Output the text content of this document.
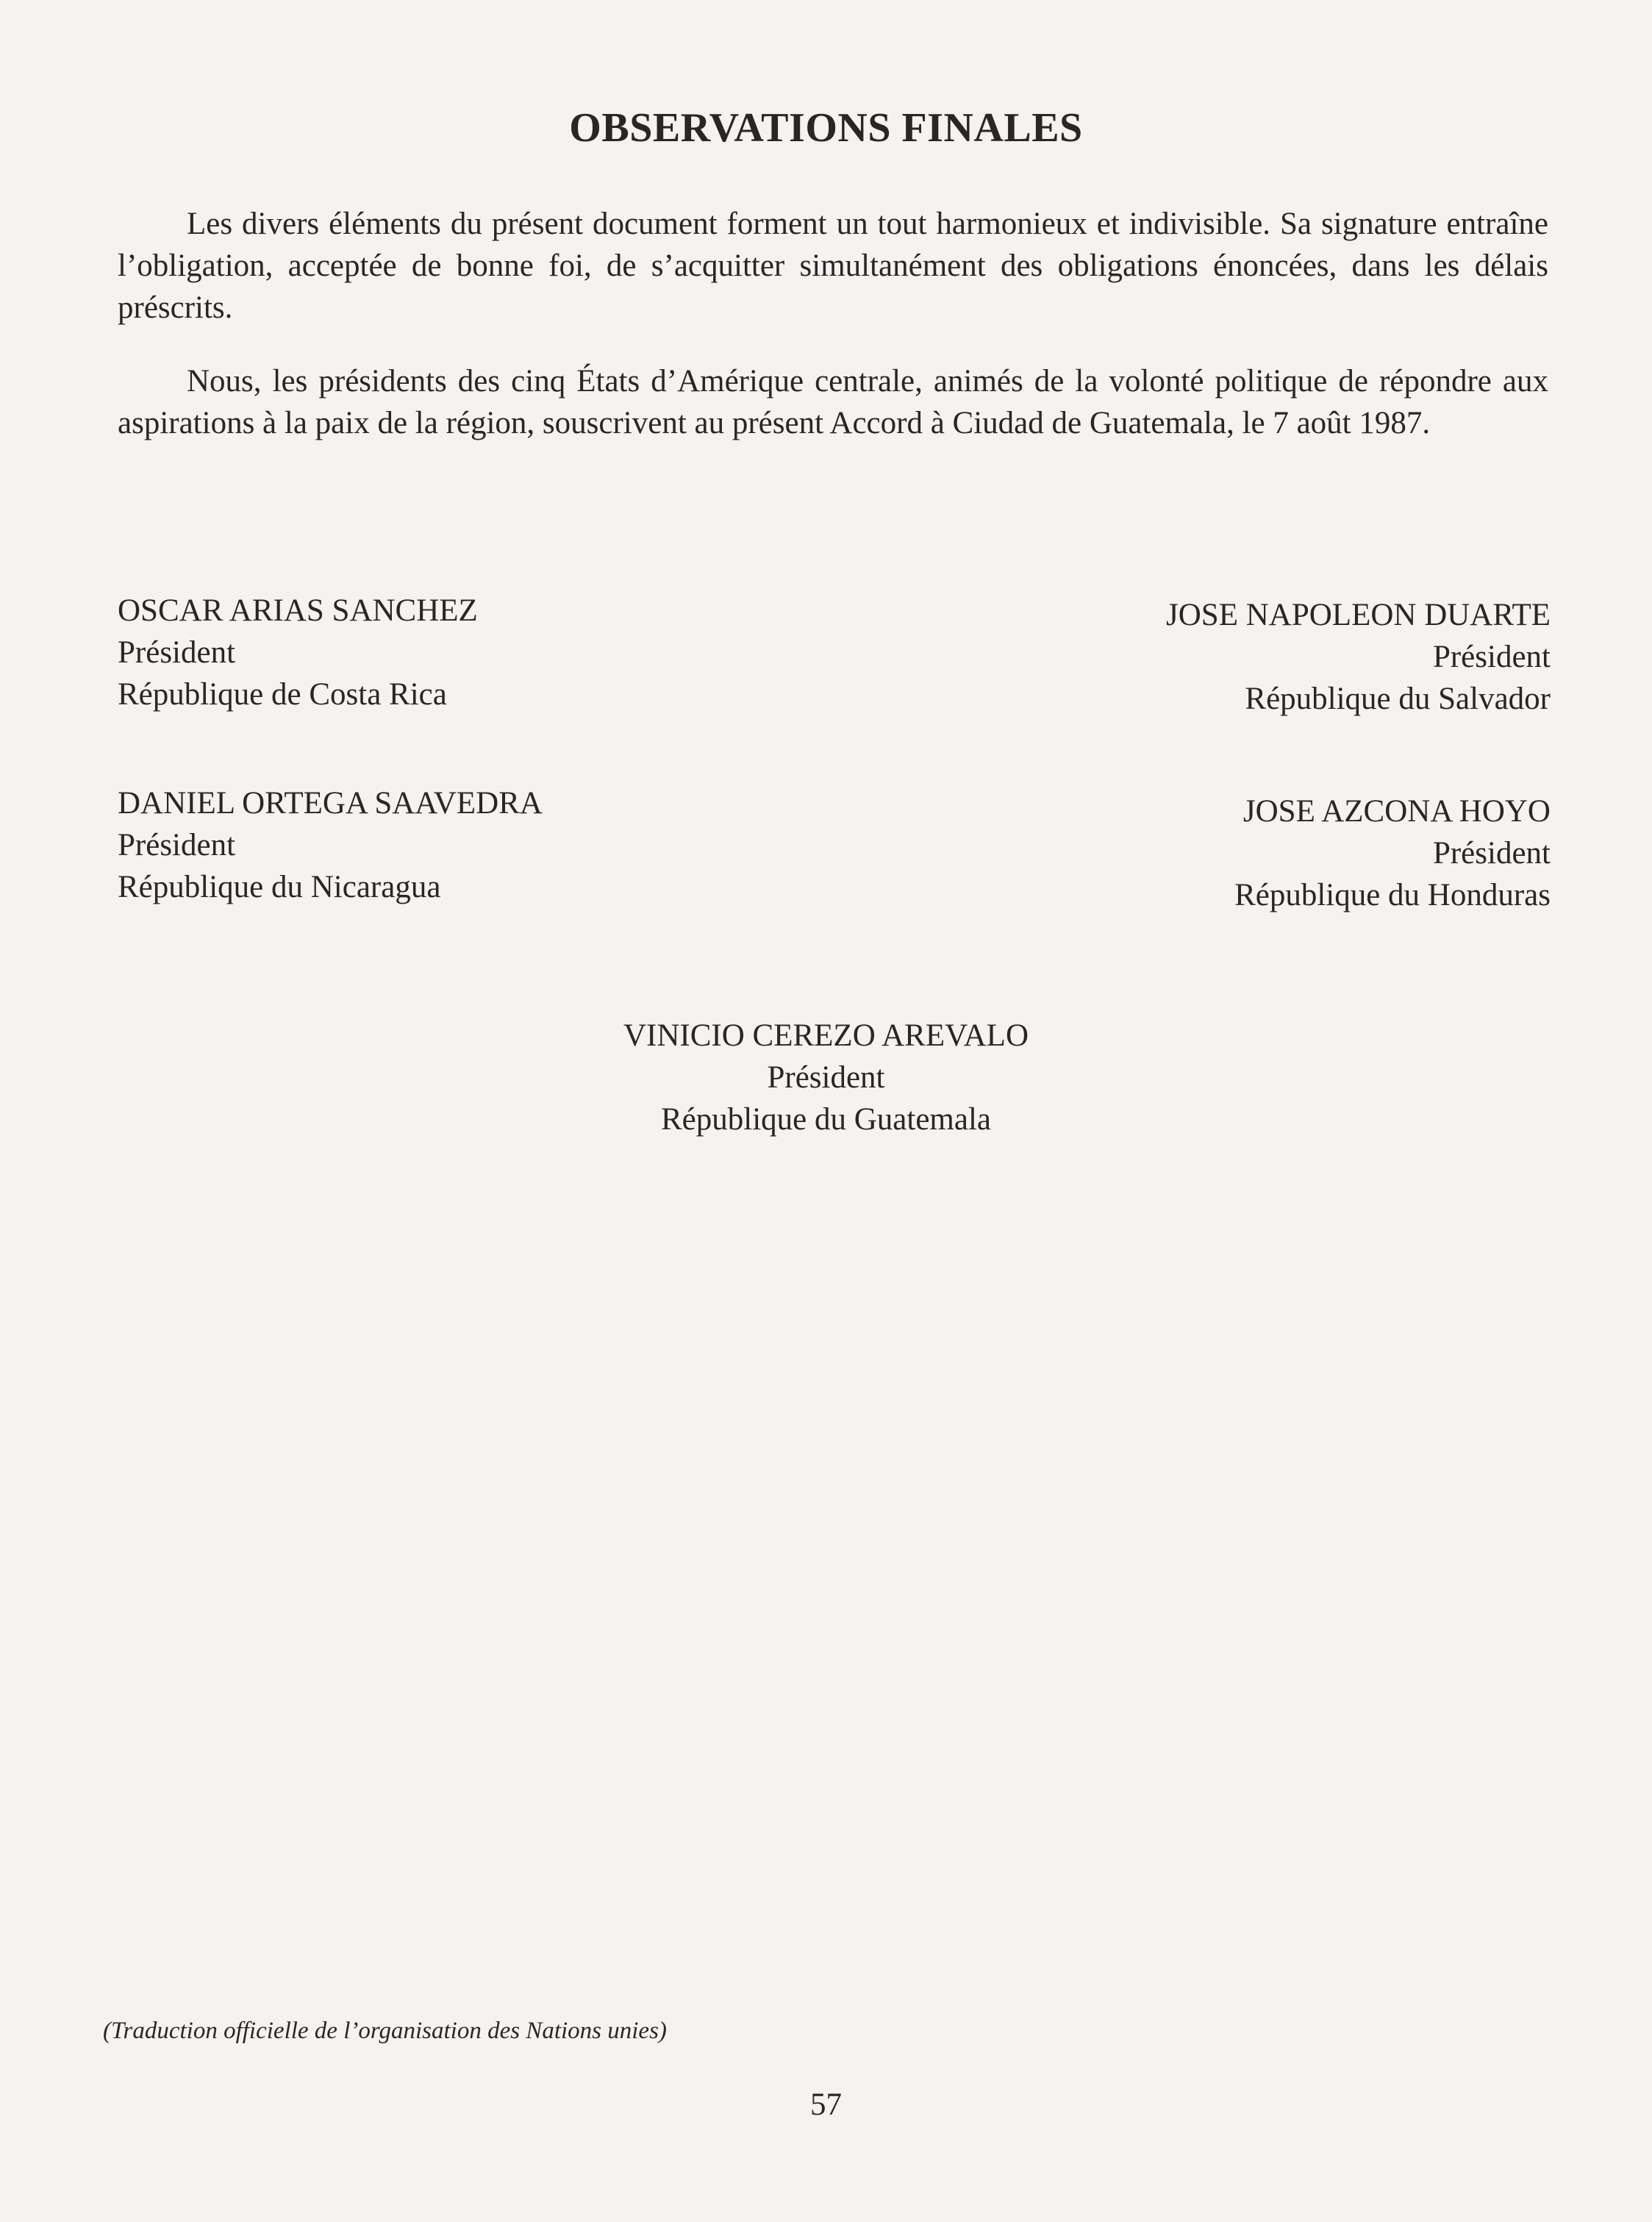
OBSERVATIONS FINALES

Les divers éléments du présent document forment un tout harmonieux et indivisible. Sa signature entraîne l’obligation, acceptée de bonne foi, de s’acquitter simultanément des obligations énoncées, dans les délais préscrits.

Nous, les présidents des cinq États d’Amérique centrale, animés de la volonté politique de répondre aux aspirations à la paix de la région, souscrivent au présent Accord à Ciudad de Guatemala, le 7 août 1987.

OSCAR ARIAS SANCHEZ
Président
République de Costa Rica
JOSE NAPOLEON DUARTE
Président
République du Salvador
DANIEL ORTEGA SAAVEDRA
Président
République du Nicaragua
JOSE AZCONA HOYO
Président
République du Honduras
VINICIO CEREZO AREVALO
Président
République du Guatemala
(Traduction officielle de l’organisation des Nations unies)
57
